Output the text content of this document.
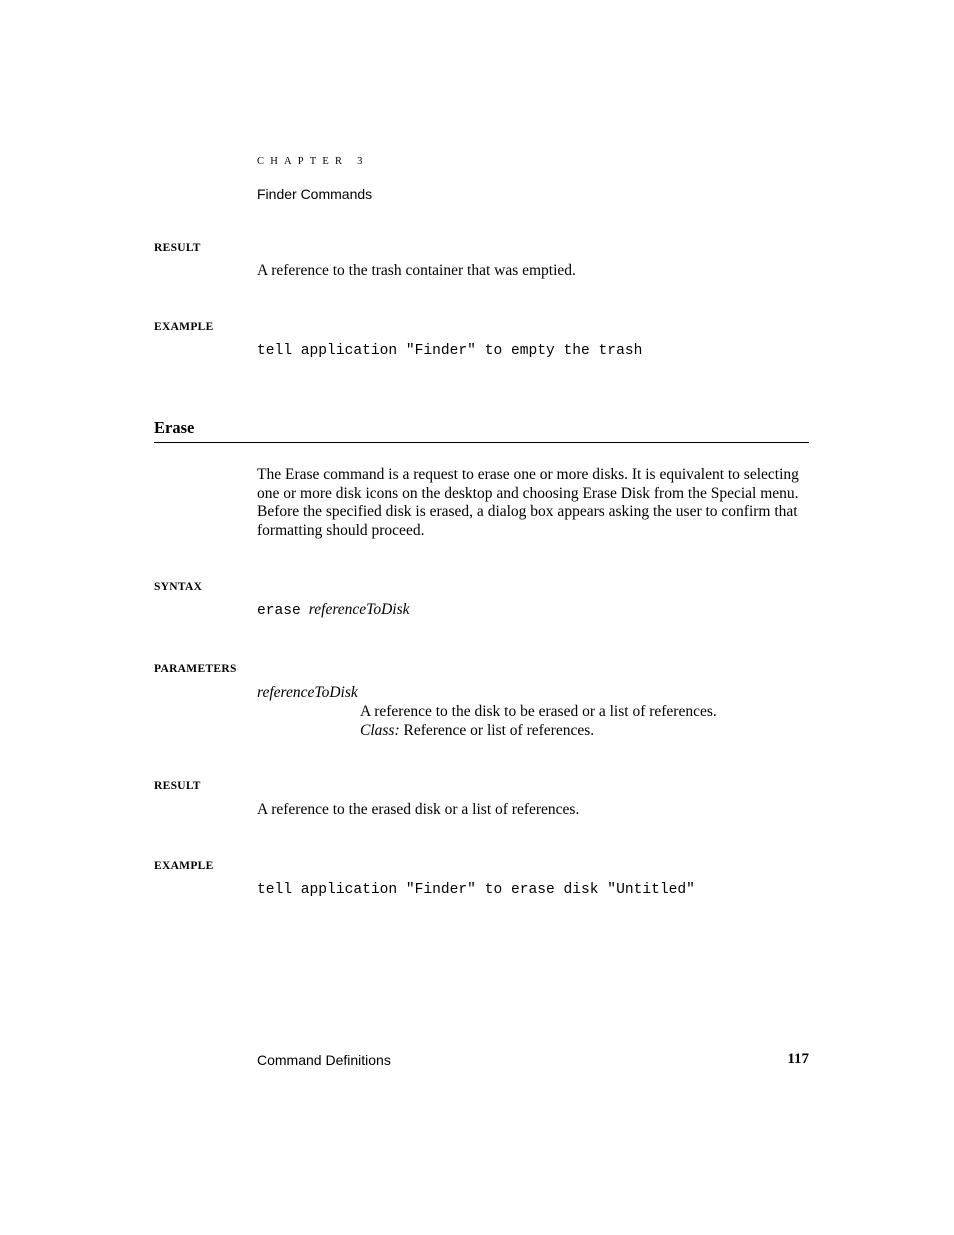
CHAPTER 3
Finder Commands
RESULT
A reference to the trash container that was emptied.
EXAMPLE
tell application "Finder" to empty the trash
Erase
The Erase command is a request to erase one or more disks. It is equivalent to selecting one or more disk icons on the desktop and choosing Erase Disk from the Special menu. Before the specified disk is erased, a dialog box appears asking the user to confirm that formatting should proceed.
SYNTAX
erase referenceToDisk
PARAMETERS
referenceToDisk
A reference to the disk to be erased or a list of references.
Class: Reference or list of references.
RESULT
A reference to the erased disk or a list of references.
EXAMPLE
tell application "Finder" to erase disk "Untitled"
Command Definitions	117
